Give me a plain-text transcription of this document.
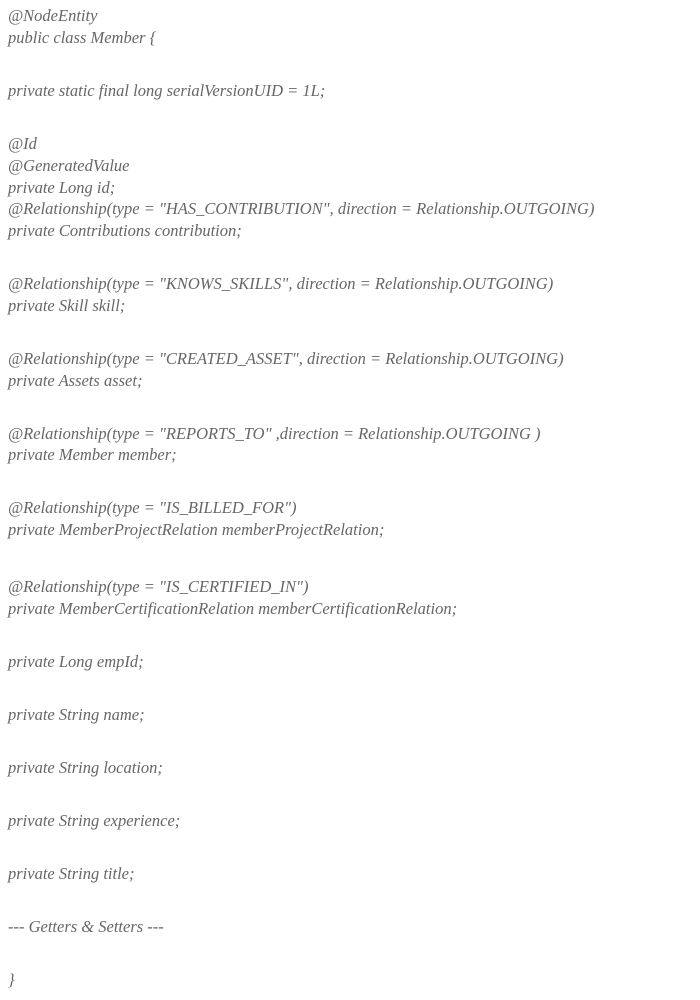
@NodeEntity
public class Member {
private static final long serialVersionUID = 1L;
@Id
@GeneratedValue
private Long id;
@Relationship(type = "HAS_CONTRIBUTION", direction = Relationship.OUTGOING)
private Contributions contribution;
@Relationship(type = "KNOWS_SKILLS", direction = Relationship.OUTGOING)
private Skill skill;
@Relationship(type = "CREATED_ASSET", direction = Relationship.OUTGOING)
private Assets asset;
@Relationship(type = "REPORTS_TO" ,direction = Relationship.OUTGOING )
private Member member;
@Relationship(type = "IS_BILLED_FOR")
private MemberProjectRelation memberProjectRelation;
@Relationship(type = "IS_CERTIFIED_IN")
private MemberCertificationRelation memberCertificationRelation;
private Long empId;
private String name;
private String location;
private String experience;
private String title;
--- Getters & Setters ---
}
